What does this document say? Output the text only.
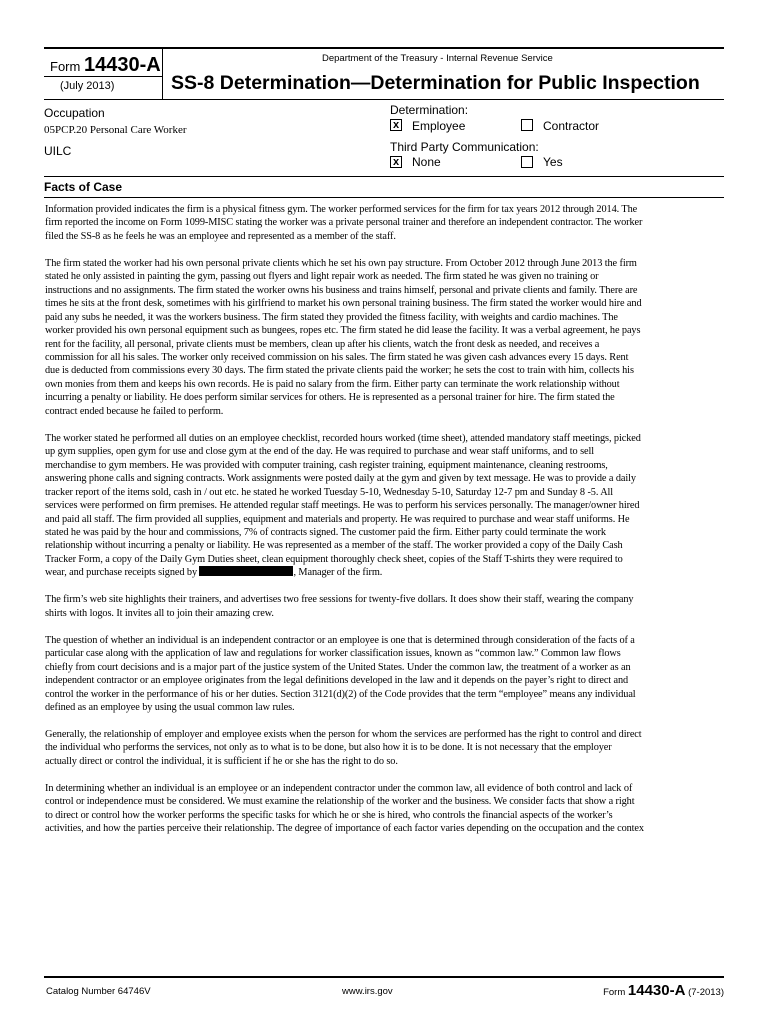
Form 14430-A
(July 2013)
Department of the Treasury - Internal Revenue Service
SS-8 Determination—Determination for Public Inspection
Occupation
05PCP.20 Personal Care Worker
UILC
Determination:
x Employee	Contractor
Third Party Communication:
x None	Yes
Facts of Case

Information provided indicates the firm is a physical fitness gym. The worker performed services for the firm for tax years 2012 through 2014. The
firm reported the income on Form 1099-MISC stating the worker was a private personal trainer and therefore an independent contractor. The worker
filed the SS-8 as he feels he was an employee and represented as a member of the staff.

The firm stated the worker had his own personal private clients which he set his own pay structure. From October 2012 through June 2013 the firm
stated he only assisted in painting the gym, passing out flyers and light repair work as needed. The firm stated he was given no training or
instructions and no assignments. The firm stated the worker owns his business and trains himself, personal and private clients and family. There are
times he sits at the front desk, sometimes with his girlfriend to market his own personal training business. The firm stated the worker would hire and
paid any subs he needed, it was the workers business. The firm stated they provided the fitness facility, with weights and cardio machines. The
worker provided his own personal equipment such as bungees, ropes etc. The firm stated he did lease the facility. It was a verbal agreement, he pays
rent for the facility, all personal, private clients must be members, clean up after his clients, watch the front desk as needed, and receives a
commission for all his sales. The worker only received commission on his sales. The firm stated he was given cash advances every 15 days. Rent
due is deducted from commissions every 30 days. The firm stated the private clients paid the worker; he sets the cost to train with him, collects his
own monies from them and keeps his own records. He is paid no salary from the firm. Either party can terminate the work relationship without
incurring a penalty or liability. He does perform similar services for others. He is represented as a personal trainer for hire. The firm stated the
contract ended because he failed to perform.

The worker stated he performed all duties on an employee checklist, recorded hours worked (time sheet), attended mandatory staff meetings, picked
up gym supplies, open gym for use and close gym at the end of the day. He was required to purchase and wear staff uniforms, and to sell
merchandise to gym members. He was provided with computer training, cash register training, equipment maintenance, cleaning restrooms,
answering phone calls and signing contracts. Work assignments were posted daily at the gym and given by text message. He was to provide a daily
tracker report of the items sold, cash in / out etc. he stated he worked Tuesday 5-10, Wednesday 5-10, Saturday 12-7 pm and Sunday 8 -5. All
services were performed on firm premises. He attended regular staff meetings. He was to perform his services personally. The manager/owner hired
and paid all staff. The firm provided all supplies, equipment and materials and property. He was required to purchase and wear staff uniforms. He
stated he was paid by the hour and commissions, 7% of contracts signed. The customer paid the firm. Either party could terminate the work
relationship without incurring a penalty or liability. He was represented as a member of the staff. The worker provided a copy of the Daily Cash
Tracker Form, a copy of the Daily Gym Duties sheet, clean equipment thoroughly check sheet, copies of the Staff T-shirts they were required to
wear, and purchase receipts signed by	, Manager of the firm.

The firm’s web site highlights their trainers, and advertises two free sessions for twenty-five dollars. It does show their staff, wearing the company
shirts with logos. It invites all to join their amazing crew.

The question of whether an individual is an independent contractor or an employee is one that is determined through consideration of the facts of a
particular case along with the application of law and regulations for worker classification issues, known as “common law.” Common law flows
chiefly from court decisions and is a major part of the justice system of the United States. Under the common law, the treatment of a worker as an
independent contractor or an employee originates from the legal definitions developed in the law and it depends on the payer’s right to direct and
control the worker in the performance of his or her duties. Section 3121(d)(2) of the Code provides that the term “employee” means any individual
defined as an employee by using the usual common law rules.

Generally, the relationship of employer and employee exists when the person for whom the services are performed has the right to control and direct
the individual who performs the services, not only as to what is to be done, but also how it is to be done. It is not necessary that the employer
actually direct or control the individual, it is sufficient if he or she has the right to do so.

In determining whether an individual is an employee or an independent contractor under the common law, all evidence of both control and lack of
control or independence must be considered. We must examine the relationship of the worker and the business. We consider facts that show a right
to direct or control how the worker performs the specific tasks for which he or she is hired, who controls the financial aspects of the worker’s
activities, and how the parties perceive their relationship. The degree of importance of each factor varies depending on the occupation and the contex

Catalog Number 64746V	www.irs.gov	Form 14430-A (7-2013)
